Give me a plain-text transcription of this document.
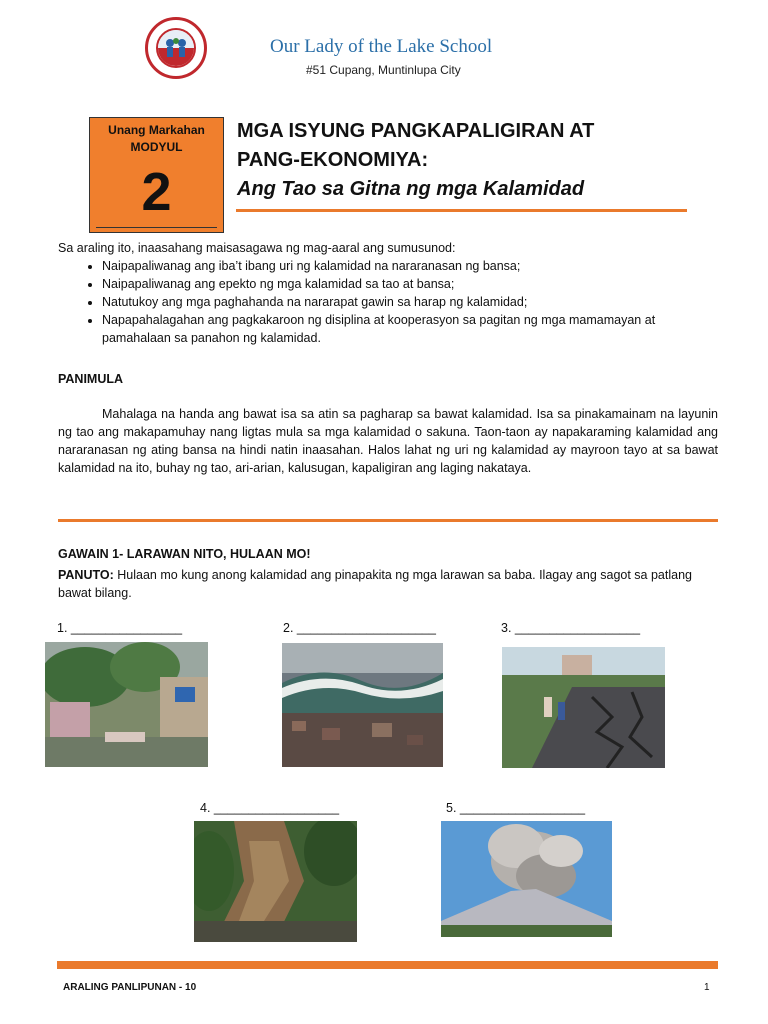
Our Lady of the Lake School
#51 Cupang, Muntinlupa City
Unang Markahan
MODYUL
2
MGA ISYUNG PANGKAPALIGIRAN AT
PANG-EKONOMIYA:
Ang Tao sa Gitna ng mga Kalamidad
Sa araling ito, inaasahang maisasagawa ng mag-aaral ang sumusunod:
• Naipapaliwanag ang iba’t ibang uri ng kalamidad na nararanasan ng bansa;
• Naipapaliwanag ang epekto ng mga kalamidad sa tao at bansa;
• Natutukoy ang mga paghahanda na nararapat gawin sa harap ng kalamidad;
• Napapahalagahan ang pagkakaroon ng disiplina at kooperasyon sa pagitan ng mga mamamayan at pamahalaan sa panahon ng kalamidad.
PANIMULA
Mahalaga na handa ang bawat isa sa atin sa pagharap sa bawat kalamidad. Isa sa pinakamainam na layunin ng tao ang makapamuhay nang ligtas mula sa mga kalamidad o sakuna. Taon-taon ay napakaraming kalamidad ang nararanasan ng ating bansa na hindi natin inaasahan. Halos lahat ng uri ng kalamidad ay mayroon tayo at sa bawat kalamidad na ito, buhay ng tao, ari-arian, kalusugan, kapaligiran ang laging nakataya.
GAWAIN 1- LARAWAN NITO, HULAAN MO!
PANUTO: Hulaan mo kung anong kalamidad ang pinapakita ng mga larawan sa baba. Ilagay ang sagot sa patlang bawat bilang.
1. ________________	2. ____________________	3. __________________
4. __________________	5. __________________
ARALING PANLIPUNAN - 10	1
